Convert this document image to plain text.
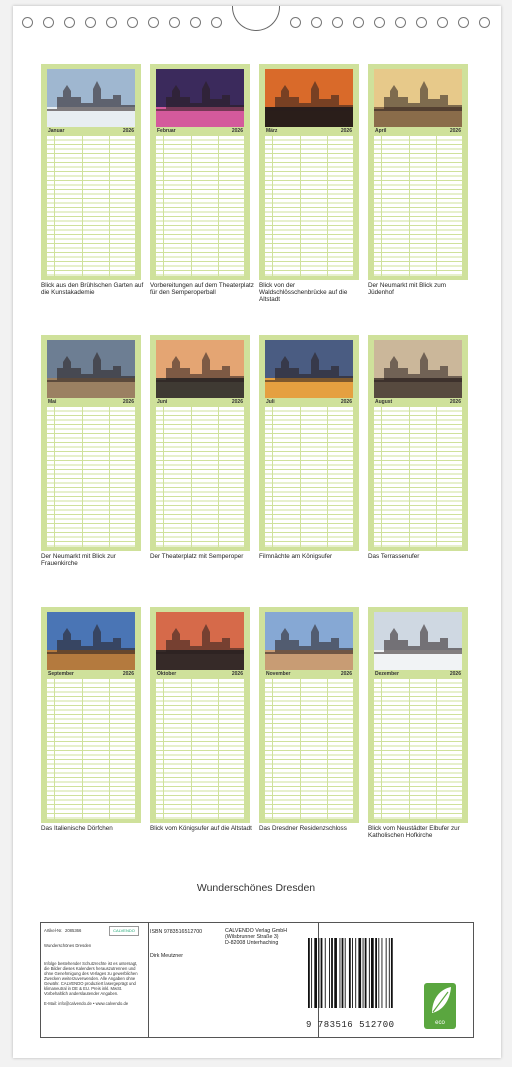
Januar	2026
Blick aus den Brühlschen Garten auf die Kunstakademie
Februar	2026
Vorbereitungen auf dem Theaterplatz für den Semperoperball
März	2026
Blick von der Waldschlösschenbrücke auf die Altstadt
April	2026
Der Neumarkt mit Blick zum Jüdenhof
Mai	2026
Der Neumarkt mit Blick zur Frauenkirche
Juni	2026
Der Theaterplatz mit Semperoper
Juli	2026
Filmnächte am Königsufer
August	2026
Das Terrassenufer
September	2026
Das Italienische Dörfchen
Oktober	2026
Blick vom Königsufer auf die Altstadt
November	2026
Das Dresdner Residenzschloss
Dezember	2026
Blick vom Neustädter Elbufer zur Katholischen Hofkirche
Wunderschönes Dresden
Artikel-Nr. 2085366	CALVENDO
Wunderschönes Dresden
Infolge bestehender Schutzrechte ist es untersagt, die Bilder dieses Kalenders herauszutrennen und ohne Genehmigung des Verlages zu gewerblichen Zwecken weiterzuverwenden. Alle Angaben ohne Gewähr. CALVENDO produziert lasergeprägt und klimaneutral in DE & EU. Preis inkl. MwSt. Vorbehaltlich anderslautender Angaben.
E-Mail: info@calvendo.de • www.calvendo.de
ISBN 9783516512700
Dirk Meutzner
CALVENDO Verlag GmbH
(Wilsbrunner Straße 3)
D-82008 Unterhaching
9 783516 512700	eco
